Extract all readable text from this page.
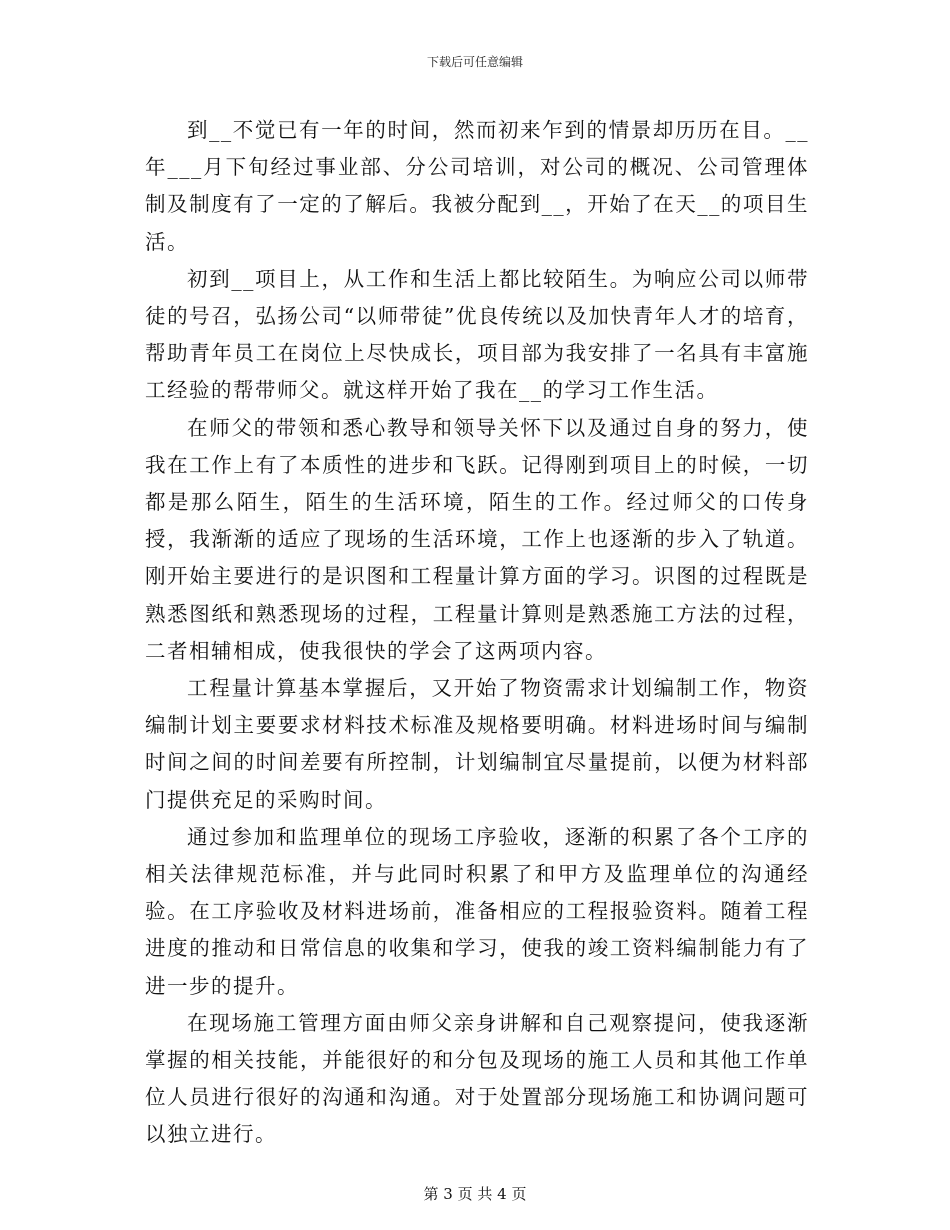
下载后可任意编辑

到__不觉已有一年的时间，然而初来乍到的情景却历历在目。__年___月下旬经过事业部、分公司培训，对公司的概况、公司管理体制及制度有了一定的了解后。我被分配到__，开始了在天__的项目生活。

初到__项目上，从工作和生活上都比较陌生。为响应公司以师带徒的号召，弘扬公司“以师带徒”优良传统以及加快青年人才的培育，帮助青年员工在岗位上尽快成长，项目部为我安排了一名具有丰富施工经验的帮带师父。就这样开始了我在__的学习工作生活。

在师父的带领和悉心教导和领导关怀下以及通过自身的努力，使我在工作上有了本质性的进步和飞跃。记得刚到项目上的时候，一切都是那么陌生，陌生的生活环境，陌生的工作。经过师父的口传身授，我渐渐的适应了现场的生活环境，工作上也逐渐的步入了轨道。刚开始主要进行的是识图和工程量计算方面的学习。识图的过程既是熟悉图纸和熟悉现场的过程，工程量计算则是熟悉施工方法的过程，二者相辅相成，使我很快的学会了这两项内容。

工程量计算基本掌握后，又开始了物资需求计划编制工作，物资编制计划主要要求材料技术标准及规格要明确。材料进场时间与编制时间之间的时间差要有所控制，计划编制宜尽量提前，以便为材料部门提供充足的采购时间。

通过参加和监理单位的现场工序验收，逐渐的积累了各个工序的相关法律规范标准，并与此同时积累了和甲方及监理单位的沟通经验。在工序验收及材料进场前，准备相应的工程报验资料。随着工程进度的推动和日常信息的收集和学习，使我的竣工资料编制能力有了进一步的提升。

在现场施工管理方面由师父亲身讲解和自己观察提问，使我逐渐掌握的相关技能，并能很好的和分包及现场的施工人员和其他工作单位人员进行很好的沟通和沟通。对于处置部分现场施工和协调问题可以独立进行。

第 3 页 共 4 页
